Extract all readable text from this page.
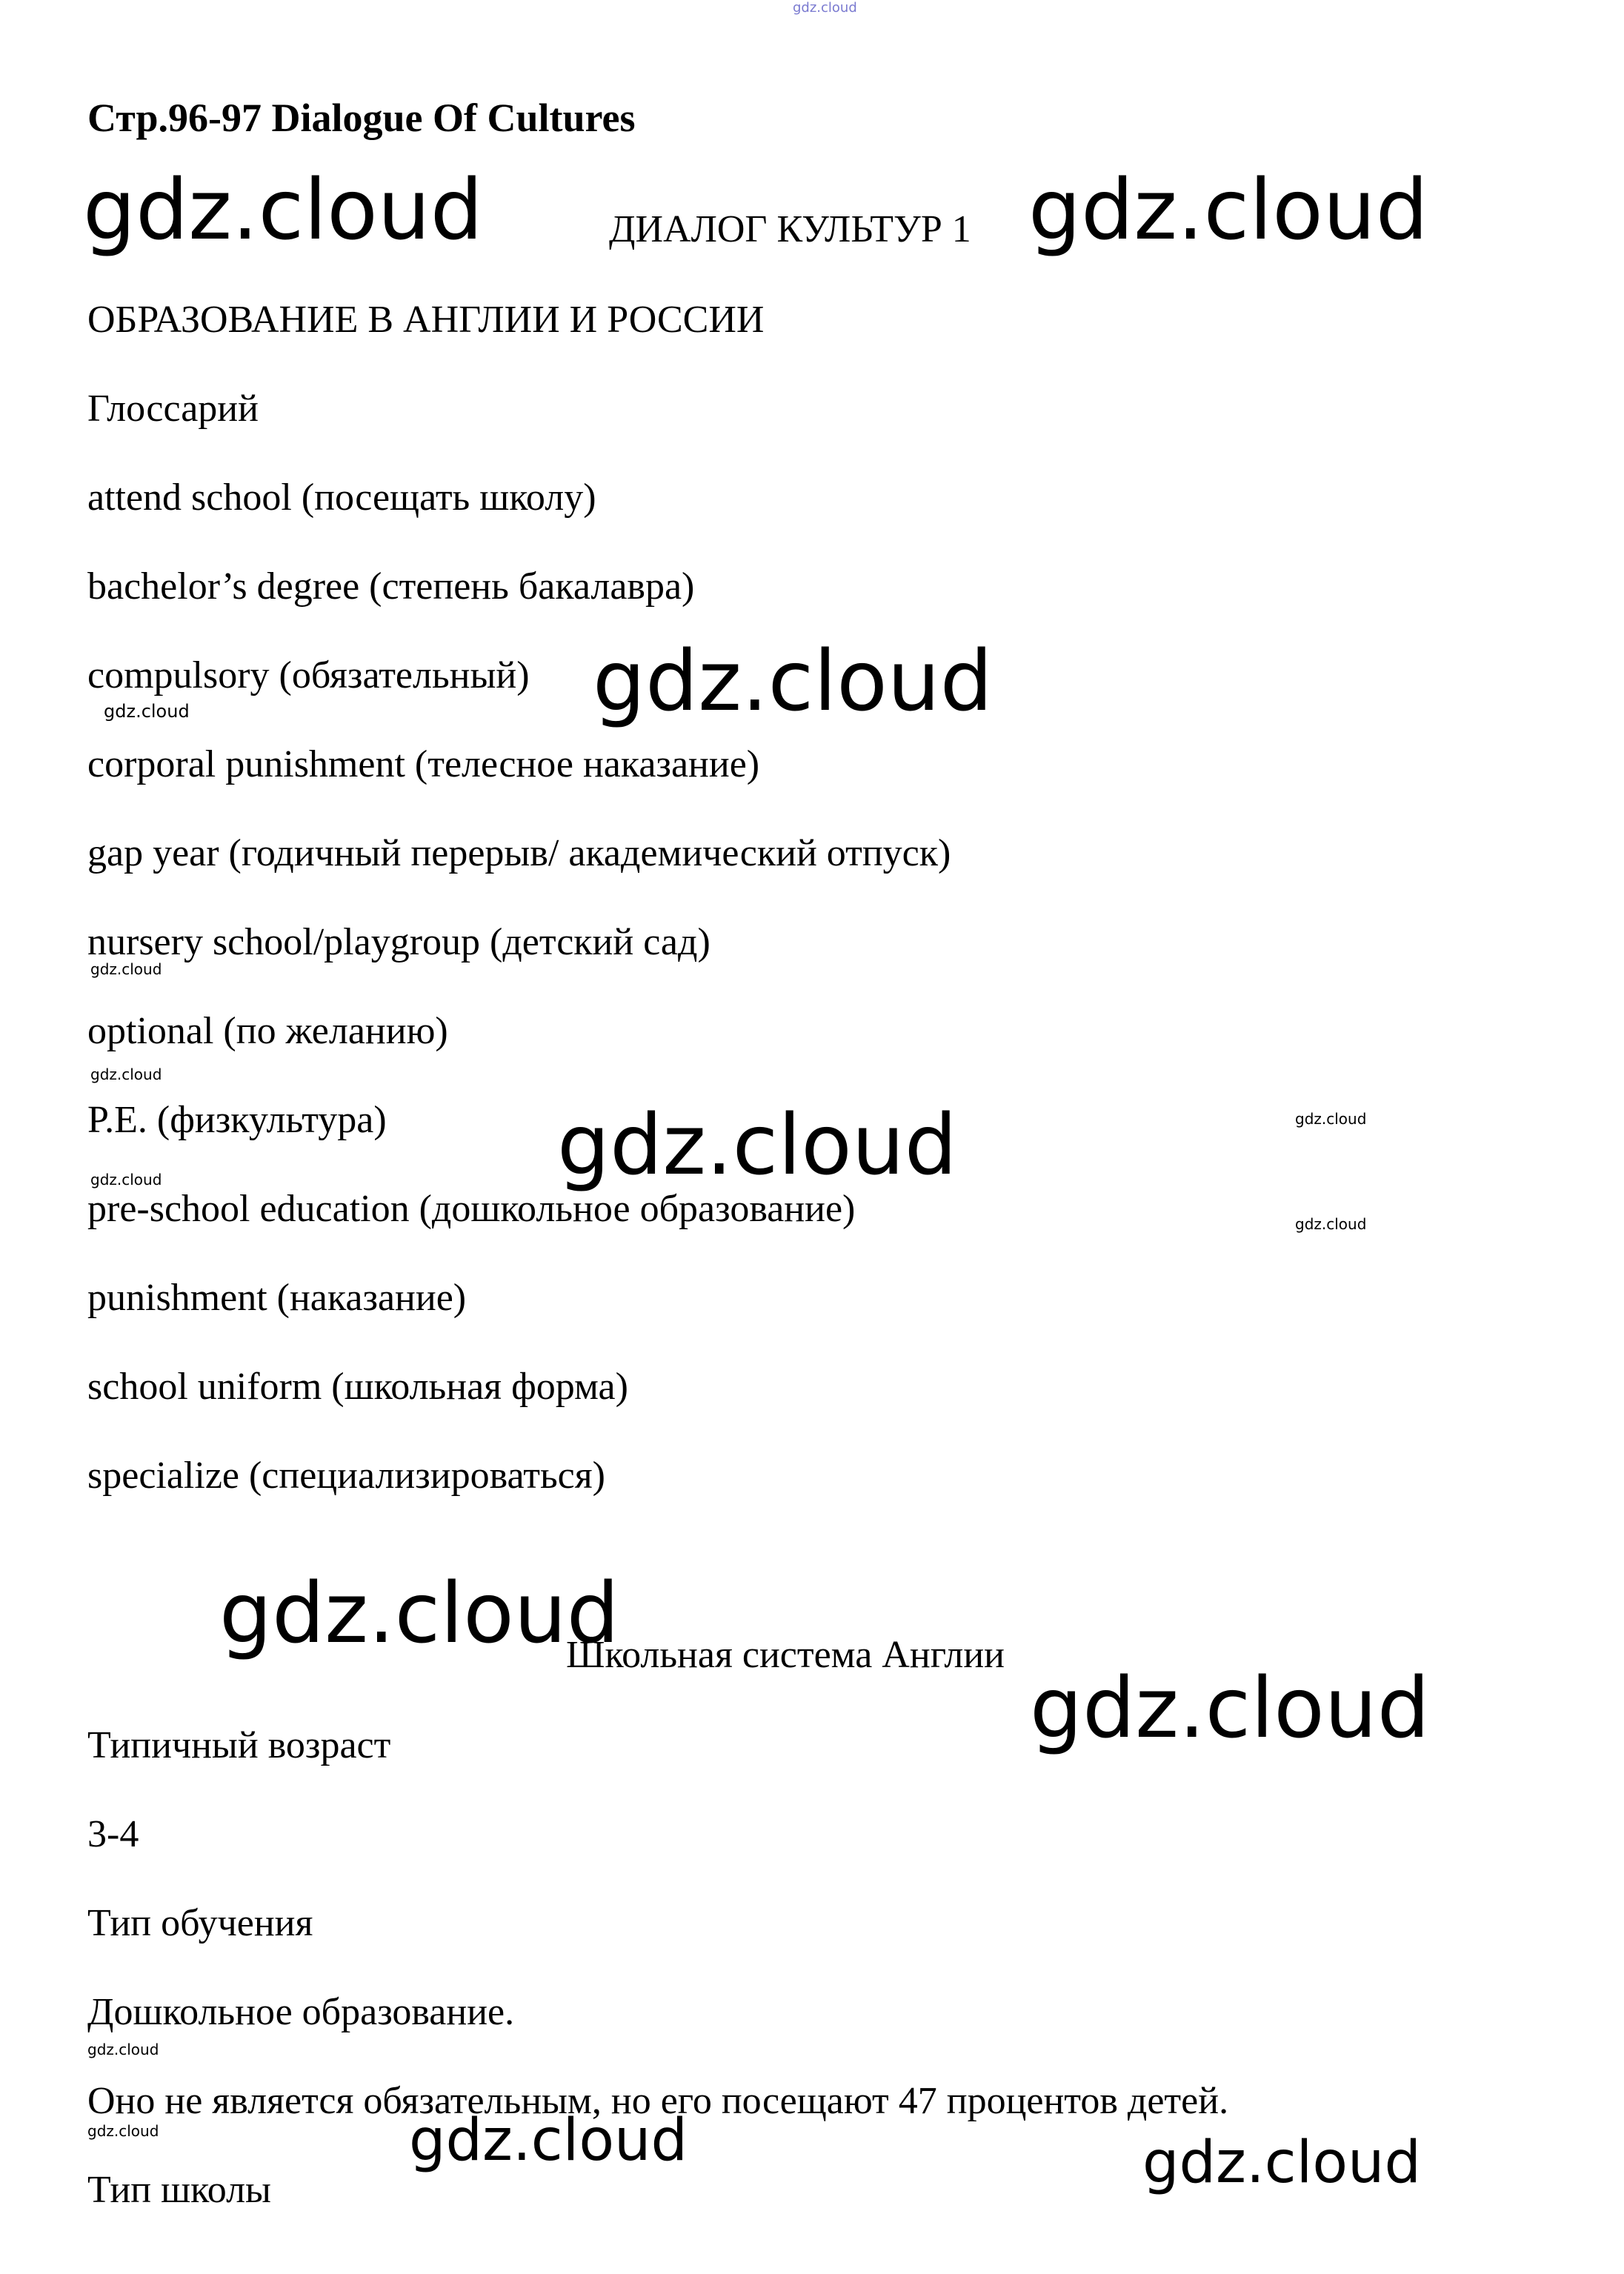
gdz.cloud
Стр.96-97 Dialogue Of Cultures
gdz.cloud	ДИАЛОГ КУЛЬТУР 1 gdz.cloud
ОБРАЗОВАНИЕ В АНГЛИИ И РОССИИ
Глоссарий
attend school (посещать школу)
bachelor’s degree (степень бакалавра)
compulsory (обязательный) gdz.cloud
gdz.cloud
corporal punishment (телесное наказание)
gap year (годичный перерыв/ академический отпуск)
nursery school/playgroup (детский сад)
gdz.cloud
optional (по желанию)
gdz.cloud
P.E. (физкультура) gdz.cloud	gdz.cloud
gdz.cloud
pre-school education (дошкольное образование)	gdz.cloud
punishment (наказание)
school uniform (школьная форма)
specialize (специализироваться)
gdz.cloud
Школьная система Англии
gdz.cloud
Типичный возраст
3-4
Тип обучения
Дошкольное образование.
gdz.cloud
Оно не является обязательным, но его посещают 47 процентов детей.
gdz.cloud	gdz.cloud	gdz.cloud
Тип школы
